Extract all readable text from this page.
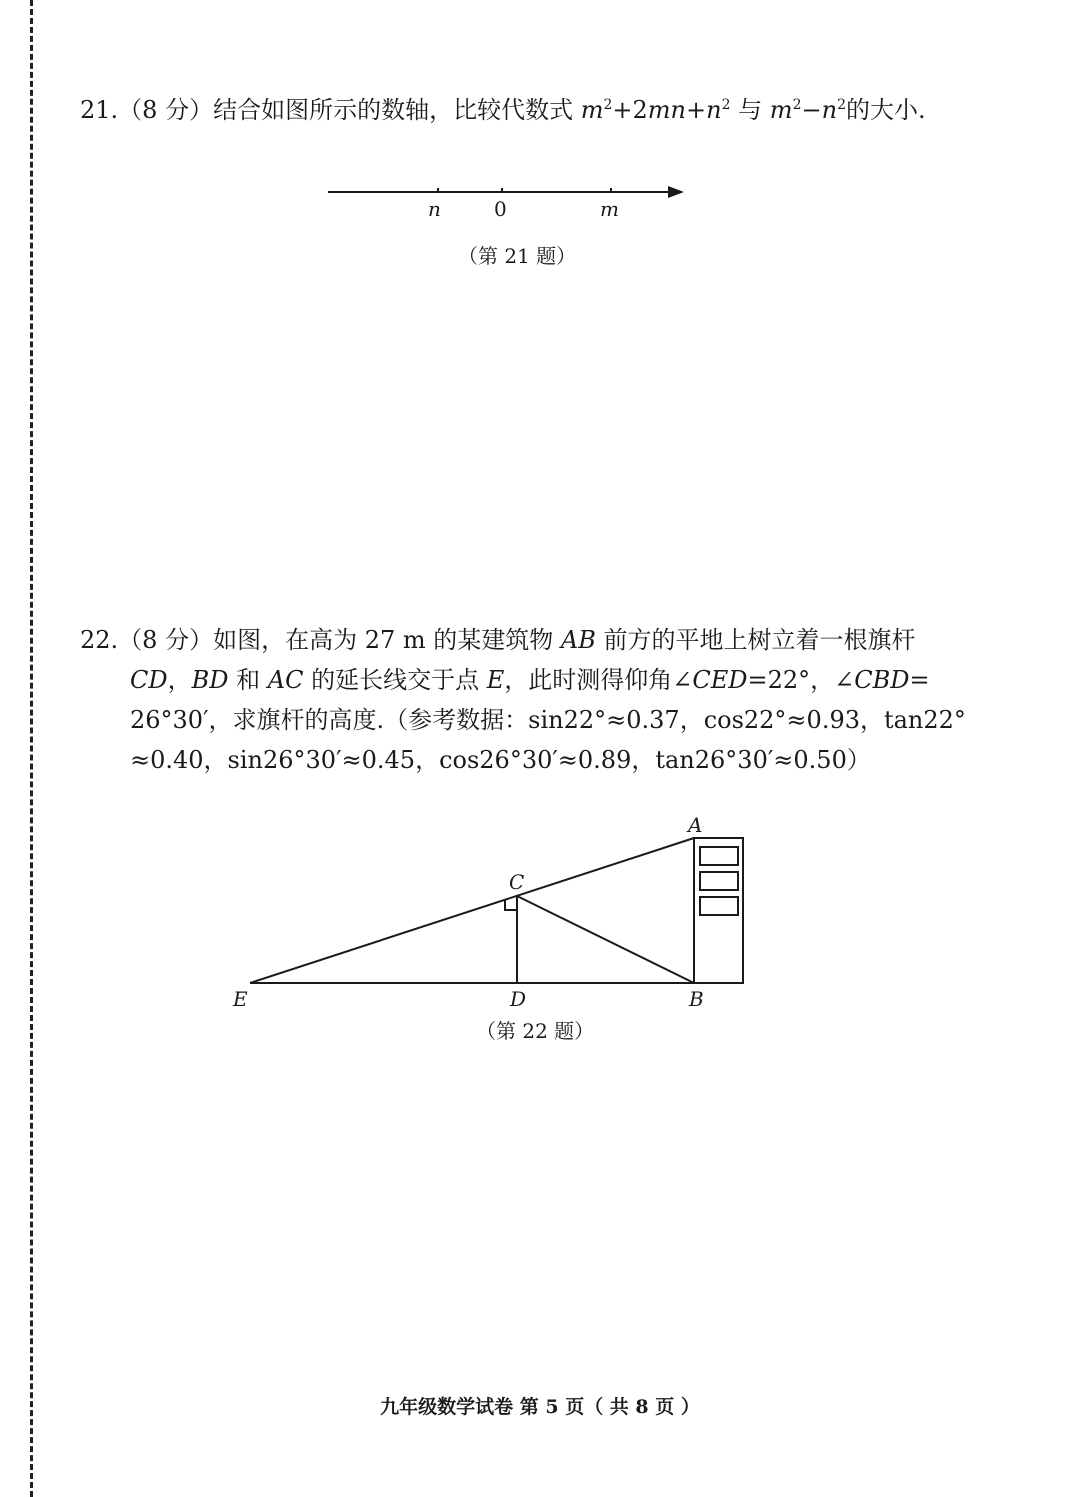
21.（8 分）结合如图所示的数轴，比较代数式 $m^2+2mn+n^2$ 与 $m^2-n^2$的大小.
n	0	m
A
C
E	D	B
（第 21 题）
22.（8 分）如图，在高为 27 m 的某建筑物 AB 前方的平地上树立着一根旗杆
CD，BD 和 AC 的延长线交于点 E，此时测得仰角∠CED=22°，∠CBD=
26°30′，求旗杆的高度.（参考数据：sin22°≈0.37，cos22°≈0.93，tan22°
≈0.40，sin26°30′≈0.45，cos26°30′≈0.89，tan26°30′≈0.50）
（第 22 题）
九年级数学试卷 第 5 页（ 共 8 页 ）
